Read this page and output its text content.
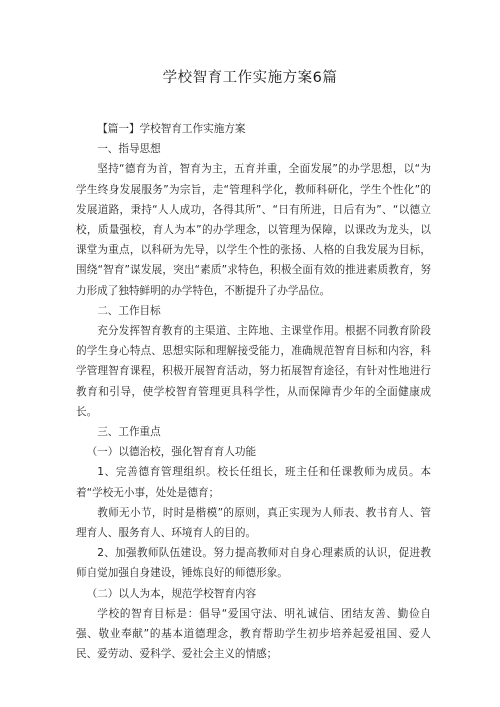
学校智育工作实施方案6篇

【篇一】学校智育工作实施方案

一、指导思想

坚持“德育为首，智育为主，五育并重，全面发展”的办学思想，以“为学生终身发展服务”为宗旨，走“管理科学化，教师科研化，学生个性化”的发展道路，秉持“人人成功，各得其所”、“日有所进，日后有为”、“以德立校，质量强校，育人为本”的办学理念，以管理为保障，以课改为龙头，以课堂为重点，以科研为先导，以学生个性的张扬、人格的自我发展为目标，围绕“智育”谋发展，突出“素质”求特色，积极全面有效的推进素质教育，努力形成了独特鲜明的办学特色，不断提升了办学品位。

二、工作目标

充分发挥智育教育的主渠道、主阵地、主课堂作用。根据不同教育阶段的学生身心特点、思想实际和理解接受能力，准确规范智育目标和内容，科学管理智育课程，积极开展智育活动，努力拓展智育途径，有针对性地进行教育和引导，使学校智育管理更具科学性，从而保障青少年的全面健康成长。

三、工作重点

（一）以德治校，强化智育育人功能

1、完善德育管理组织。校长任组长，班主任和任课教师为成员。本着“学校无小事，处处是德育；

教师无小节，时时是楷模”的原则，真正实现为人师表、教书育人、管理育人、服务育人、环境育人的目的。

2、加强教师队伍建设。努力提高教师对自身心理素质的认识，促进教师自觉加强自身建设，锤炼良好的师德形象。

（二）以人为本，规范学校智育内容

学校的智育目标是：倡导“爱国守法、明礼诚信、团结友善、勤俭自强、敬业奉献”的基本道德理念，教育帮助学生初步培养起爱祖国、爱人民、爱劳动、爱科学、爱社会主义的情感；
